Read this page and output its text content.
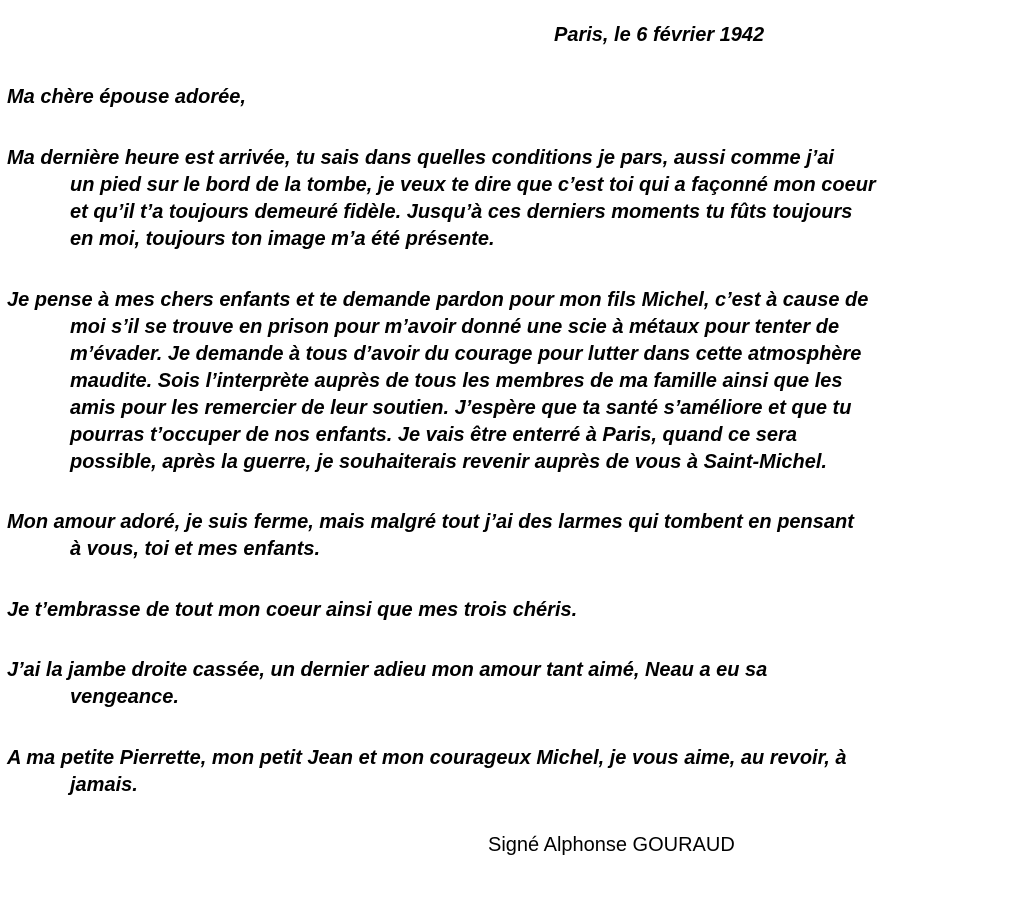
Paris, le 6 février 1942
Ma chère épouse adorée,
Ma dernière heure est arrivée, tu sais dans quelles conditions je pars, aussi comme j’ai
un pied sur le bord de la tombe, je veux te dire que c’est toi qui a façonné mon coeur
et qu’il t’a toujours demeuré fidèle. Jusqu’à ces derniers moments tu fûts toujours
en moi, toujours ton image m’a été présente.
Je pense à mes chers enfants et te demande pardon pour mon fils Michel, c’est à cause de
moi s’il se trouve en prison pour m’avoir donné une scie à métaux pour tenter de
m’évader. Je demande à tous d’avoir du courage pour lutter dans cette atmosphère
maudite. Sois l’interprète auprès de tous les membres de ma famille ainsi que les
amis pour les remercier de leur soutien. J’espère que ta santé s’améliore et que tu
pourras t’occuper de nos enfants. Je vais être enterré à Paris, quand ce sera
possible, après la guerre, je souhaiterais revenir auprès de vous à Saint-Michel.
Mon amour adoré, je suis ferme, mais malgré tout j’ai des larmes qui tombent en pensant
à vous, toi et mes enfants.
Je t’embrasse de tout mon coeur ainsi que mes trois chéris.
J’ai la jambe droite cassée, un dernier adieu mon amour tant aimé, Neau a eu sa
vengeance.
A ma petite Pierrette, mon petit Jean et mon courageux Michel, je vous aime, au revoir, à
jamais.
Signé Alphonse GOURAUD
